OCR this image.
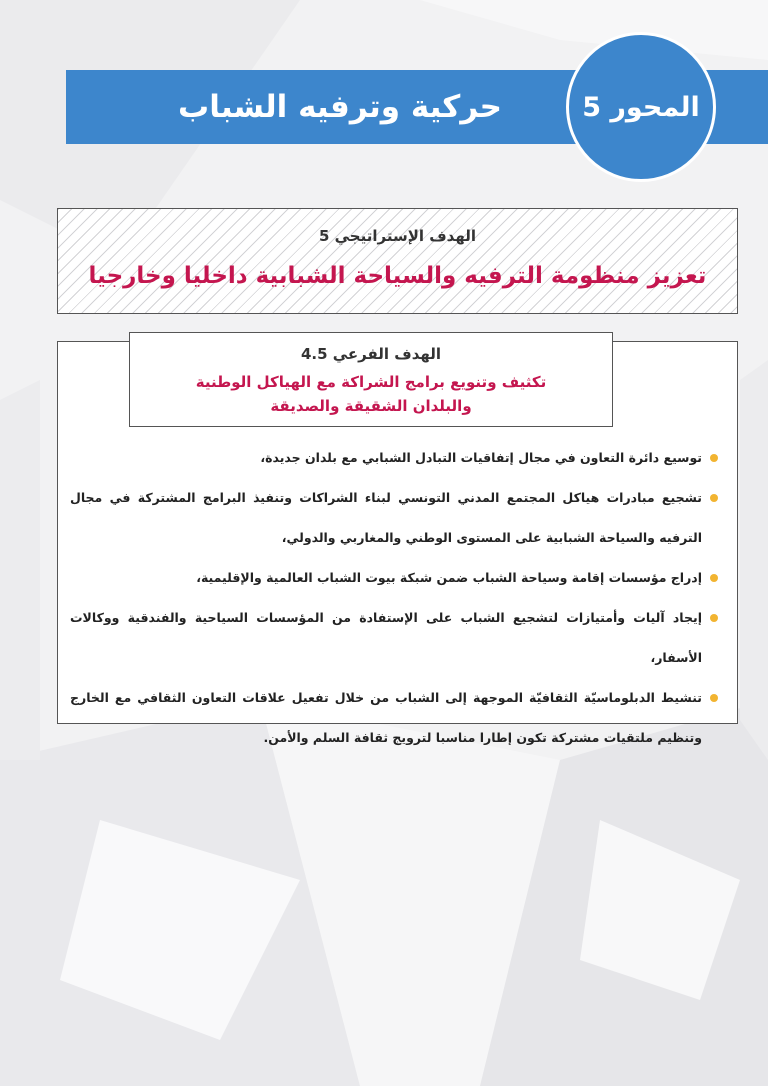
حركية وترفيه الشباب	المحور 5
الهدف الإستراتيجي 5
تعزيز منظومة الترفيه والسياحة الشبابية داخليا وخارجيا
الهدف الفرعي 4.5
تكثيف وتنويع برامج الشراكة مع الهياكل الوطنية
والبلدان الشقيقة والصديقة
توسيع دائرة التعاون في مجال إتفاقيات التبادل الشبابي مع بلدان جديدة،
تشجيع مبادرات هياكل المجتمع المدني التونسي لبناء الشراكات وتنفيذ البرامج المشتركة في مجال الترفيه والسياحة الشبابية على المستوى الوطني والمغاربي والدولي،
إدراج مؤسسات إقامة وسياحة الشباب ضمن شبكة بيوت الشباب العالمية والإقليمية،
إيجاد آليات وأمتيازات لتشجيع الشباب على الإستفادة من المؤسسات السياحية والفندقية ووكالات الأسفار،
تنشيط الدبلوماسيّة الثقافيّة الموجهة إلى الشباب من خلال تفعيل علاقات التعاون الثقافي مع الخارج وتنظيم ملتقيات مشتركة تكون إطارا مناسبا لترويج ثقافة السلم والأمن.
